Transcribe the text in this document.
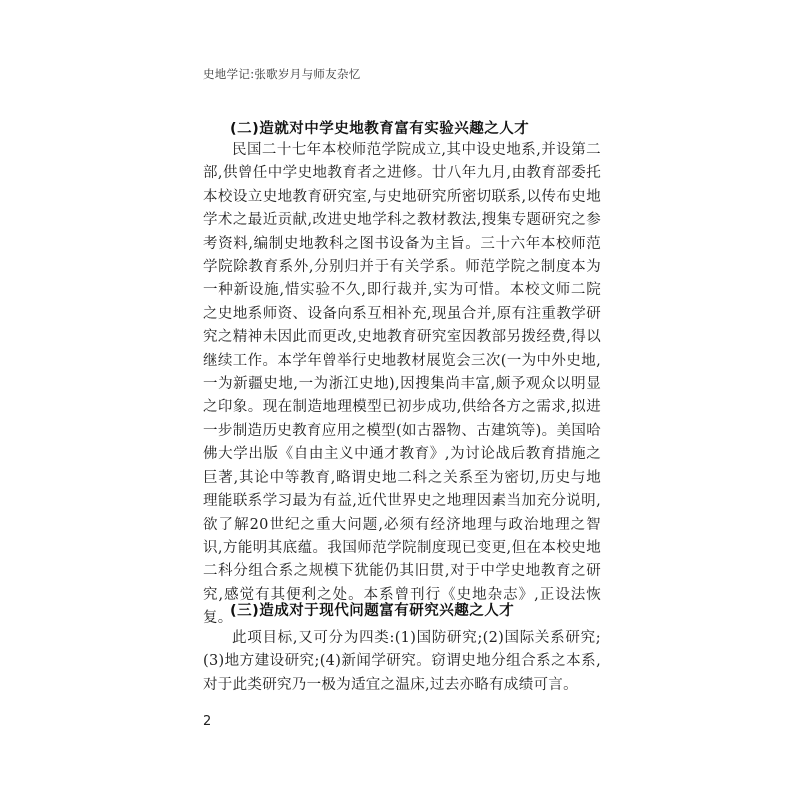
史地学记:张歌岁月与师友杂忆
(二)造就对中学史地教育富有实验兴趣之人才

民国二十七年本校师范学院成立,其中设史地系,并设第二部,供曾任中学史地教育者之进修。廿八年九月,由教育部委托本校设立史地教育研究室,与史地研究所密切联系,以传布史地学术之最近贡献,改进史地学科之教材教法,搜集专题研究之参考资料,编制史地教科之图书设备为主旨。三十六年本校师范学院除教育系外,分别归并于有关学系。师范学院之制度本为一种新设施,惜实验不久,即行裁并,实为可惜。本校文师二院之史地系师资、设备向系互相补充,现虽合并,原有注重教学研究之精神未因此而更改,史地教育研究室因教部另拨经费,得以继续工作。本学年曾举行史地教材展览会三次(一为中外史地,一为新疆史地,一为浙江史地),因搜集尚丰富,颇予观众以明显之印象。现在制造地理模型已初步成功,供给各方之需求,拟进一步制造历史教育应用之模型(如古器物、古建筑等)。美国哈佛大学出版《自由主义中通才教育》,为讨论战后教育措施之巨著,其论中等教育,略谓史地二科之关系至为密切,历史与地理能联系学习最为有益,近代世界史之地理因素当加充分说明,欲了解20世纪之重大问题,必须有经济地理与政治地理之智识,方能明其底蕴。我国师范学院制度现已变更,但在本校史地二科分组合系之规模下犹能仍其旧贯,对于中学史地教育之研究,感觉有其便利之处。本系曾刊行《史地杂志》,正设法恢复。

(三)造成对于现代问题富有研究兴趣之人才

此项目标,又可分为四类:(1)国防研究;(2)国际关系研究;(3)地方建设研究;(4)新闻学研究。窃谓史地分组合系之本系,对于此类研究乃一极为适宜之温床,过去亦略有成绩可言。

2
